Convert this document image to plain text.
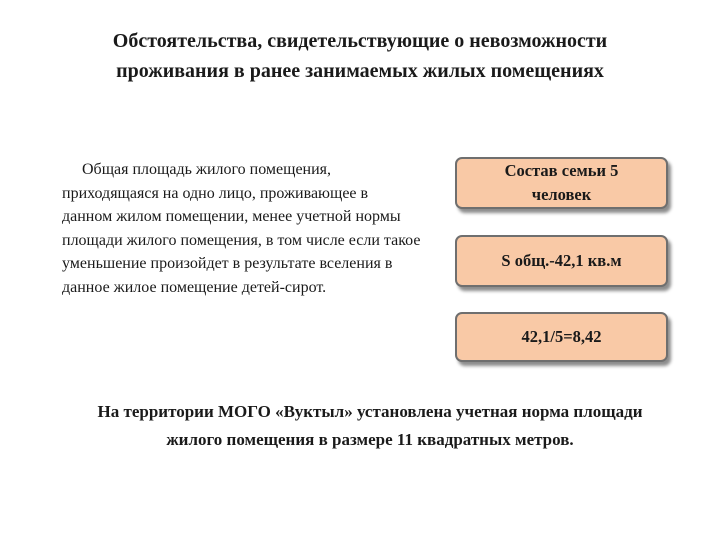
Обстоятельства, свидетельствующие о невозможности проживания в ранее занимаемых жилых помещениях

Общая площадь жилого помещения, приходящаяся на одно лицо, проживающее в данном жилом помещении, менее учетной нормы площади жилого помещения, в том числе если такое уменьшение произойдет в результате вселения в данное жилое помещение детей-сирот.

Состав семьи 5 человек
S общ.-42,1 кв.м
42,1/5=8,42

На территории МОГО «Вуктыл» установлена учетная норма площади жилого помещения в размере 11 квадратных метров.
